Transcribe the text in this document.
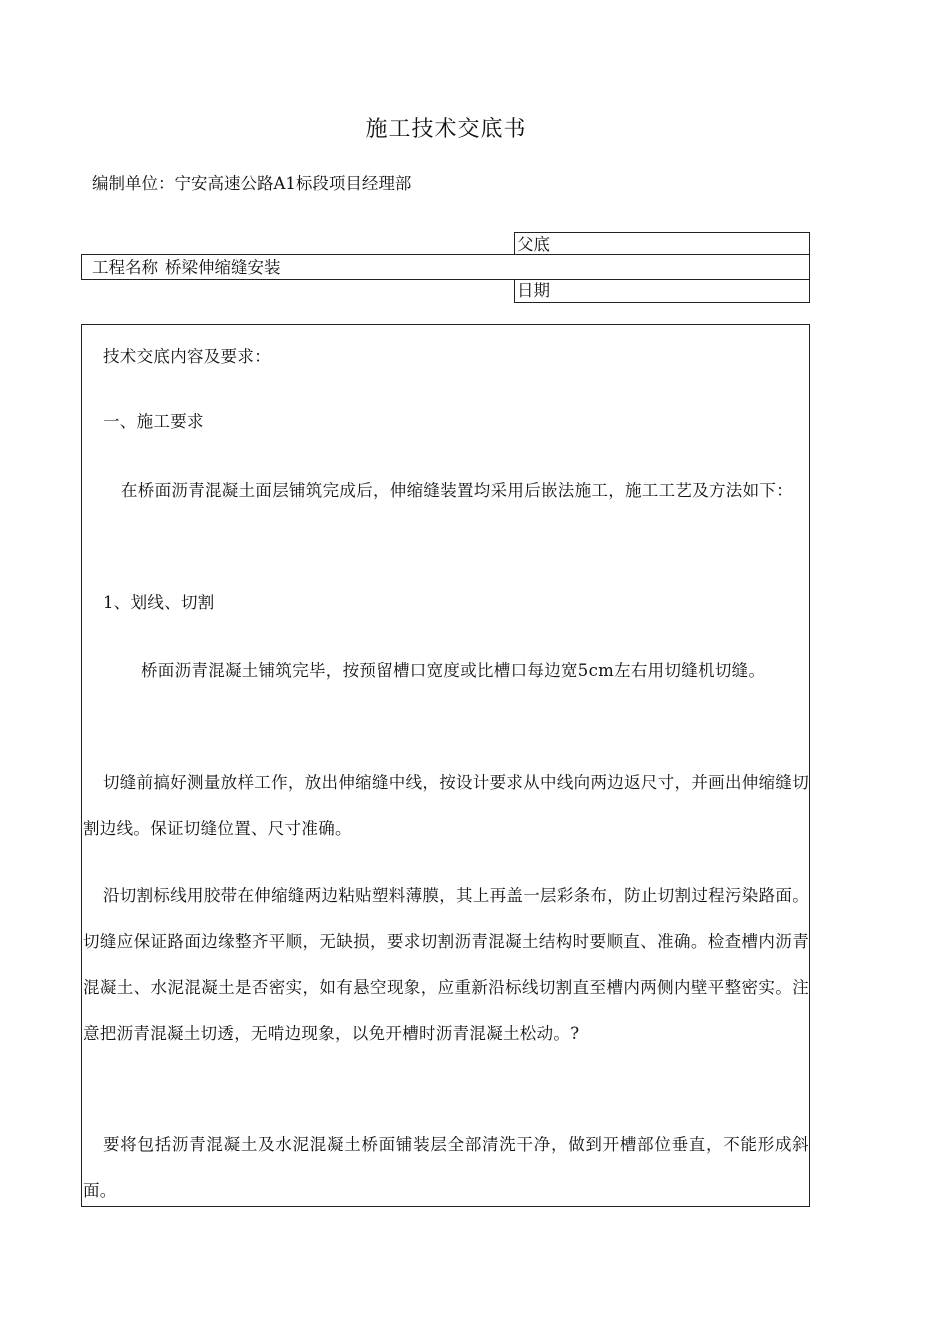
施工技术交底书
编制单位：宁安高速公路A1标段项目经理部
父底
工程名称 桥梁伸缩缝安装
日期
技术交底内容及要求：
一、施工要求
在桥面沥青混凝土面层铺筑完成后，伸缩缝装置均采用后嵌法施工，施工工艺及方法如下：
1、划线、切割
桥面沥青混凝土铺筑完毕，按预留槽口宽度或比槽口每边宽5cm左右用切缝机切缝。
切缝前搞好测量放样工作，放出伸缩缝中线，按设计要求从中线向两边返尺寸，并画出伸缩缝切割边线。保证切缝位置、尺寸准确。
沿切割标线用胶带在伸缩缝两边粘贴塑料薄膜，其上再盖一层彩条布，防止切割过程污染路面。切缝应保证路面边缘整齐平顺，无缺损，要求切割沥青混凝土结构时要顺直、准确。检查槽内沥青混凝土、水泥混凝土是否密实，如有悬空现象，应重新沿标线切割直至槽内两侧内壁平整密实。注意把沥青混凝土切透，无啃边现象，以免开槽时沥青混凝土松动。?
要将包括沥青混凝土及水泥混凝土桥面铺装层全部清洗干净，做到开槽部位垂直，不能形成斜面。
